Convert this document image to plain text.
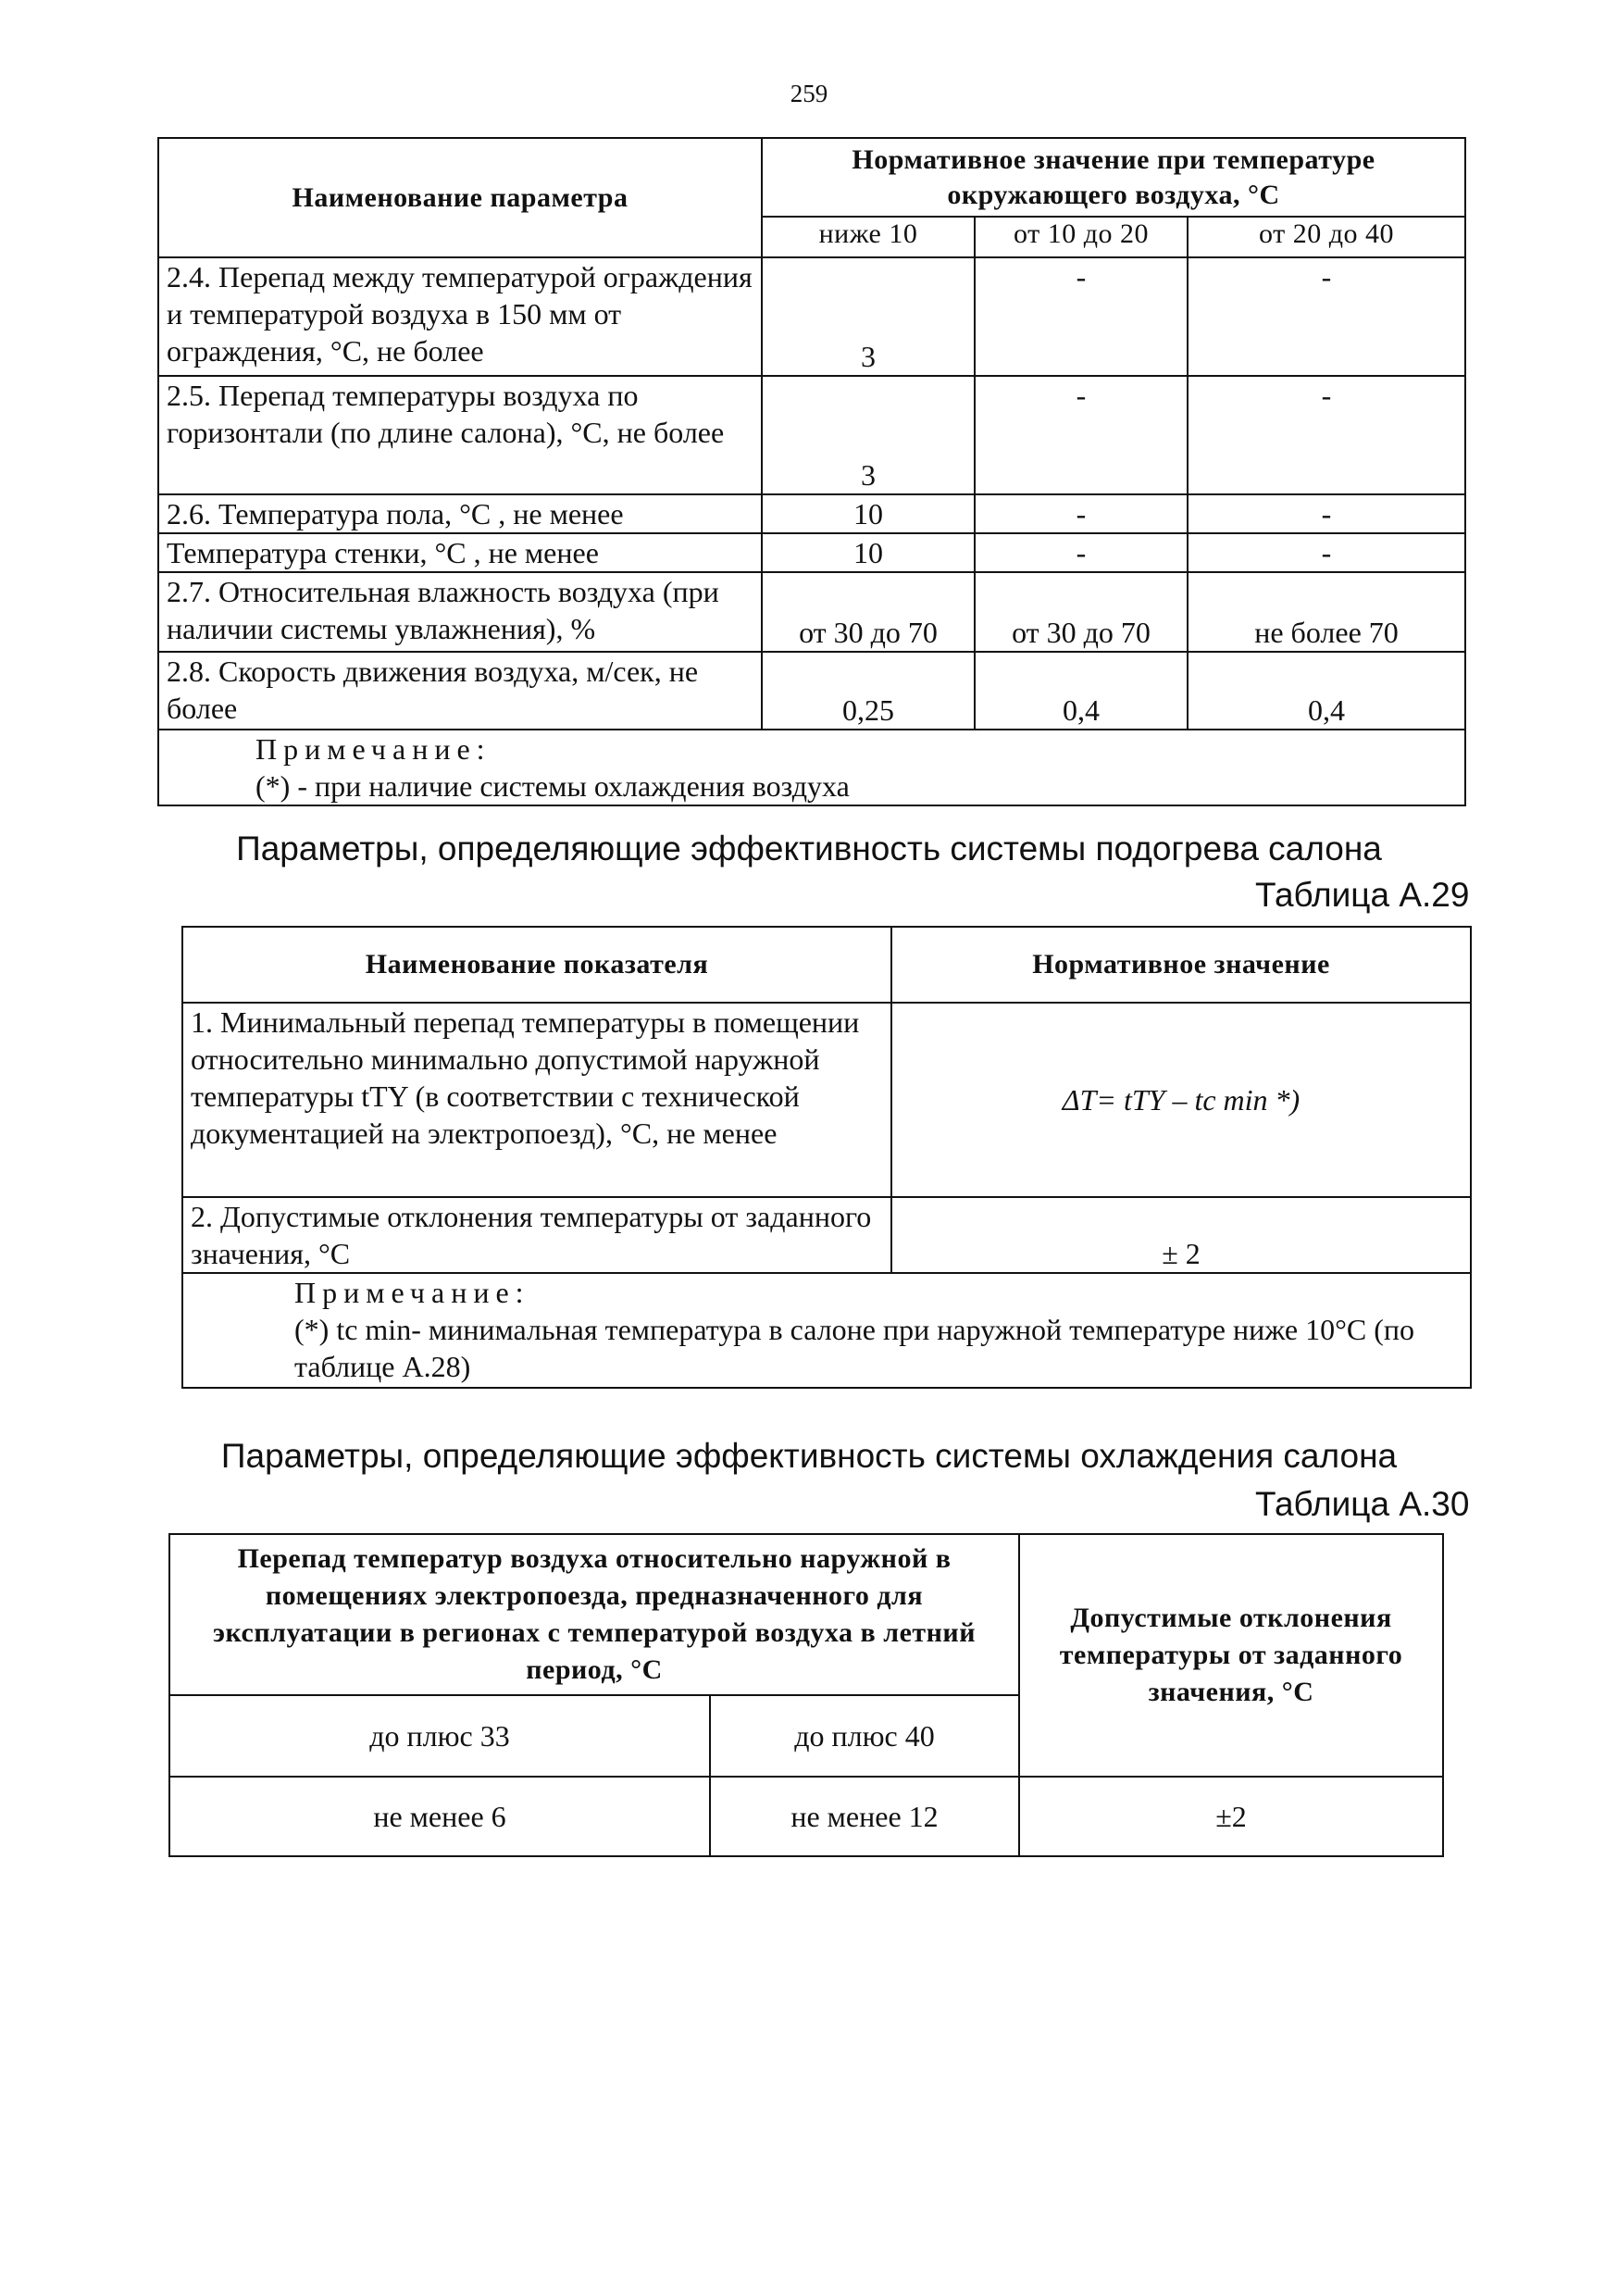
259
Наименование параметра	Нормативное значение при температуре окружающего воздуха, °С		
	ниже 10	от 10 до 20	от 20 до 40
2.4. Перепад между температурой ограждения и температурой воздуха в 150 мм от ограждения, °С, не более	3	-	-
2.5. Перепад температуры воздуха по горизонтали (по длине салона), °С, не более	3	-	-
2.6. Температура пола, °С , не менее	10	-	-
Температура стенки, °С , не менее	10	-	-
2.7. Относительная влажность воздуха (при наличии системы увлажнения), %	от 30 до 70	от 30 до 70	не более 70
2.8. Скорость движения воздуха, м/сек, не более	0,25	0,4	0,4

Примечание:
(*) - при наличие системы охлаждения воздуха			
Параметры, определяющие эффективность системы подогрева салона
Таблица А.29
Наименование показателя	Нормативное значение
1. Минимальный перепад температуры в помещении относительно минимально допустимой наружной температуры tTY (в соответствии с технической документацией на электропоезд), °С, не менее	ΔT= tTY – tc min *)
2. Допустимые отклонения температуры от заданного значения, °С	± 2

Примечание:
(*) tc min- минимальная температура в салоне при наружной температуре ниже 10°С (по таблице А.28)	
Параметры, определяющие эффективность системы охлаждения салона
Таблица А.30
Перепад температур воздуха относительно наружной в помещениях электропоезда, предназначенного для эксплуатации в регионах с температурой воздуха в летний период, °С		Допустимые отклонения температуры от заданного значения, °С
до плюс 33	до плюс 40	
не менее 6	не менее 12	±2
